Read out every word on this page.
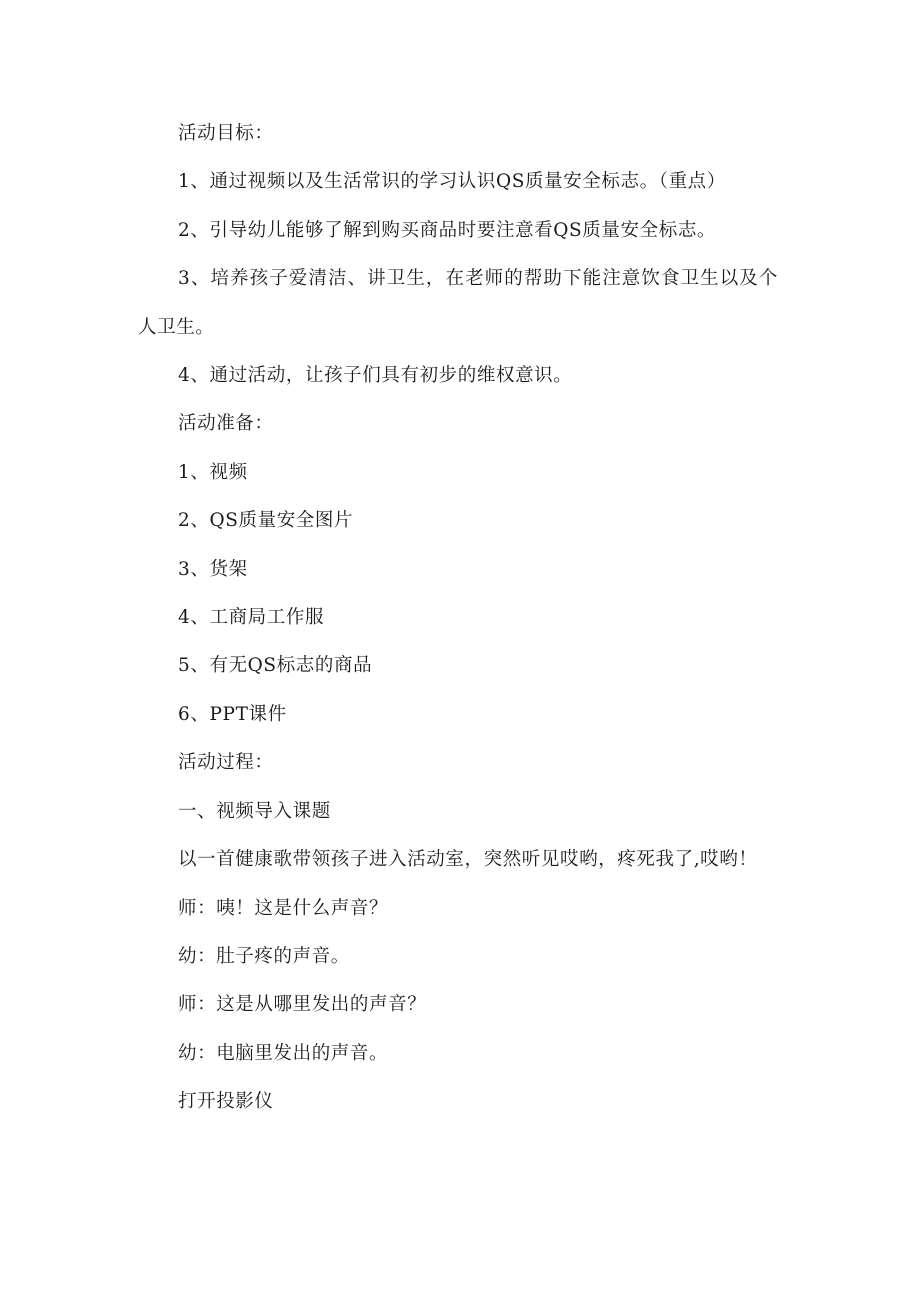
活动目标：

1、通过视频以及生活常识的学习认识QS质量安全标志。（重点）

2、引导幼儿能够了解到购买商品时要注意看QS质量安全标志。

3、培养孩子爱清洁、讲卫生，在老师的帮助下能注意饮食卫生以及个人卫生。

4、通过活动，让孩子们具有初步的维权意识。

活动准备：

1、视频

2、QS质量安全图片

3、货架

4、工商局工作服

5、有无QS标志的商品

6、PPT课件

活动过程：

一、视频导入课题

以一首健康歌带领孩子进入活动室，突然听见哎哟，疼死我了,哎哟！

师：咦！这是什么声音？

幼：肚子疼的声音。

师：这是从哪里发出的声音？

幼：电脑里发出的声音。

打开投影仪
